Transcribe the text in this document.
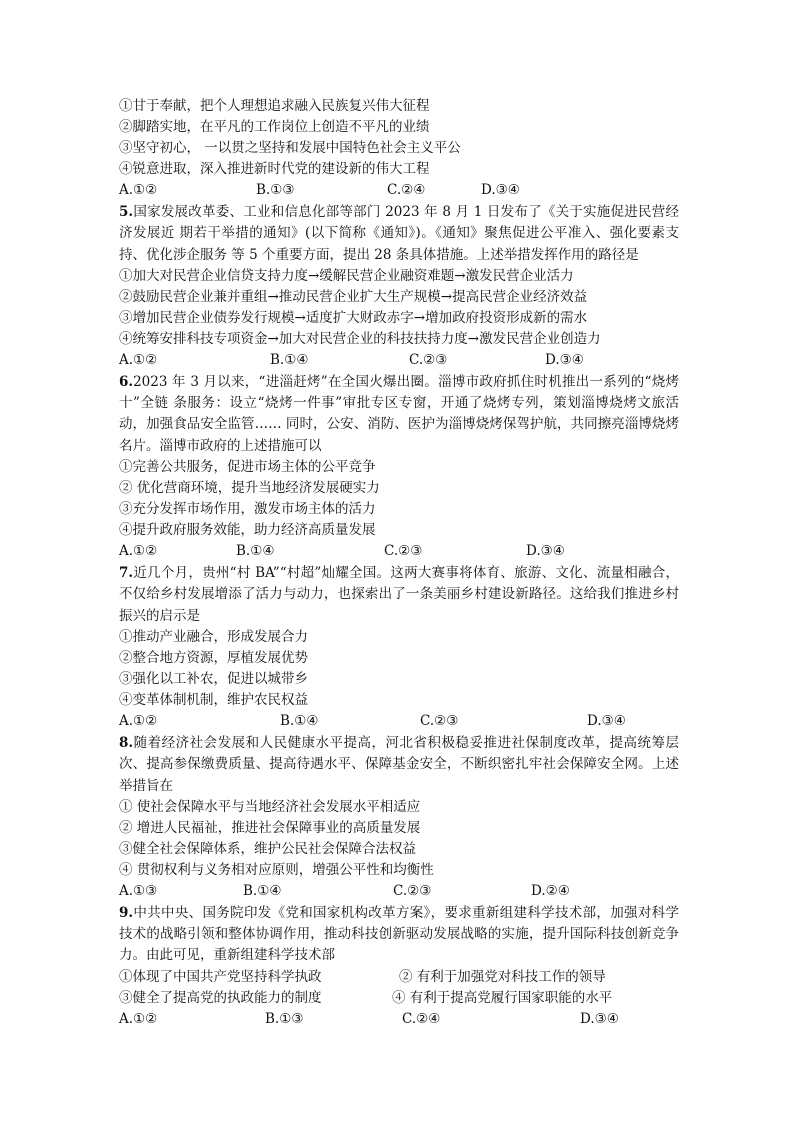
①甘于奉献，把个人理想追求融入民族复兴伟大征程
②脚踏实地，在平凡的工作岗位上创造不平凡的业绩
③坚守初心， 一以贯之坚持和发展中国特色社会主义平公
④锐意进取，深入推进新时代党的建设新的伟大工程
A.①②	B.①③	C.②④	D.③④
5.国家发展改革委、工业和信息化部等部门 2023 年 8 月 1 日发布了《关于实施促进民营经济发展近 期若干举措的通知》(以下简称《通知》)。《通知》聚焦促进公平准入、强化要素支持、优化涉企服务 等 5 个重要方面，提出 28 条具体措施。上述举措发挥作用的路径是
①加大对民营企业信贷支持力度→缓解民营企业融资难题→激发民营企业活力
②鼓励民营企业兼并重组→推动民营企业扩大生产规模→提高民营企业经济效益
③增加民营企业债券发行规模→适度扩大财政赤字→增加政府投资形成新的需水
④统筹安排科技专项资金→加大对民营企业的科技扶持力度→激发民营企业创造力
A.①②	B.①④	C.②③	D.③④
6.2023 年 3 月以来，“进淄赶烤”在全国火爆出圈。淄博市政府抓住时机推出一系列的“烧烤十”全链 条服务：设立“烧烤一件事”审批专区专窗，开通了烧烤专列，策划淄博烧烤文旅活动，加强食品安全监管…… 同时，公安、消防、医护为淄博烧烤保驾护航，共同擦亮淄博烧烤名片。淄博市政府的上述措施可以
①完善公共服务，促进市场主体的公平竞争
② 优化营商环境，提升当地经济发展硬实力
③充分发挥市场作用，激发市场主体的活力
④提升政府服务效能，助力经济高质量发展
A.①②	B.①④	C.②③	D.③④
7.近几个月，贵州“村 BA”“村超”灿耀全国。这两大赛事将体育、旅游、文化、流量相融合，不仅给乡村发展增添了活力与动力，也探索出了一条美丽乡村建设新路径。这给我们推进乡村振兴的启示是
①推动产业融合，形成发展合力
②整合地方资源，厚植发展优势
③强化以工补农，促进以城带乡
④变革体制机制，维护农民权益
A.①②	B.①④	C.②③	D.③④
8.随着经济社会发展和人民健康水平提高，河北省积极稳妥推进社保制度改革，提高统筹层次、提高参保缴费质量、提高待遇水平、保障基金安全，不断织密扎牢社会保障安全网。上述举措旨在
① 使社会保障水平与当地经济社会发展水平相适应
② 增进人民福祉，推进社会保障事业的高质量发展
③健全社会保障体系，维护公民社会保障合法权益
④ 贯彻权利与义务相对应原则，增强公平性和均衡性
A.①③	B.①④	C.②③	D.②④
9.中共中央、国务院印发《党和国家机构改革方案》，要求重新组建科学技术部，加强对科学技术的战略引领和整体协调作用，推动科技创新驱动发展战略的实施，提升国际科技创新竞争力。由此可见，重新组建科学技术部
①体现了中国共产党坚持科学执政	② 有利于加强党对科技工作的领导
③健全了提高党的执政能力的制度	④ 有利于提高党履行国家职能的水平
A.①②	B.①③	C.②④	D.③④
